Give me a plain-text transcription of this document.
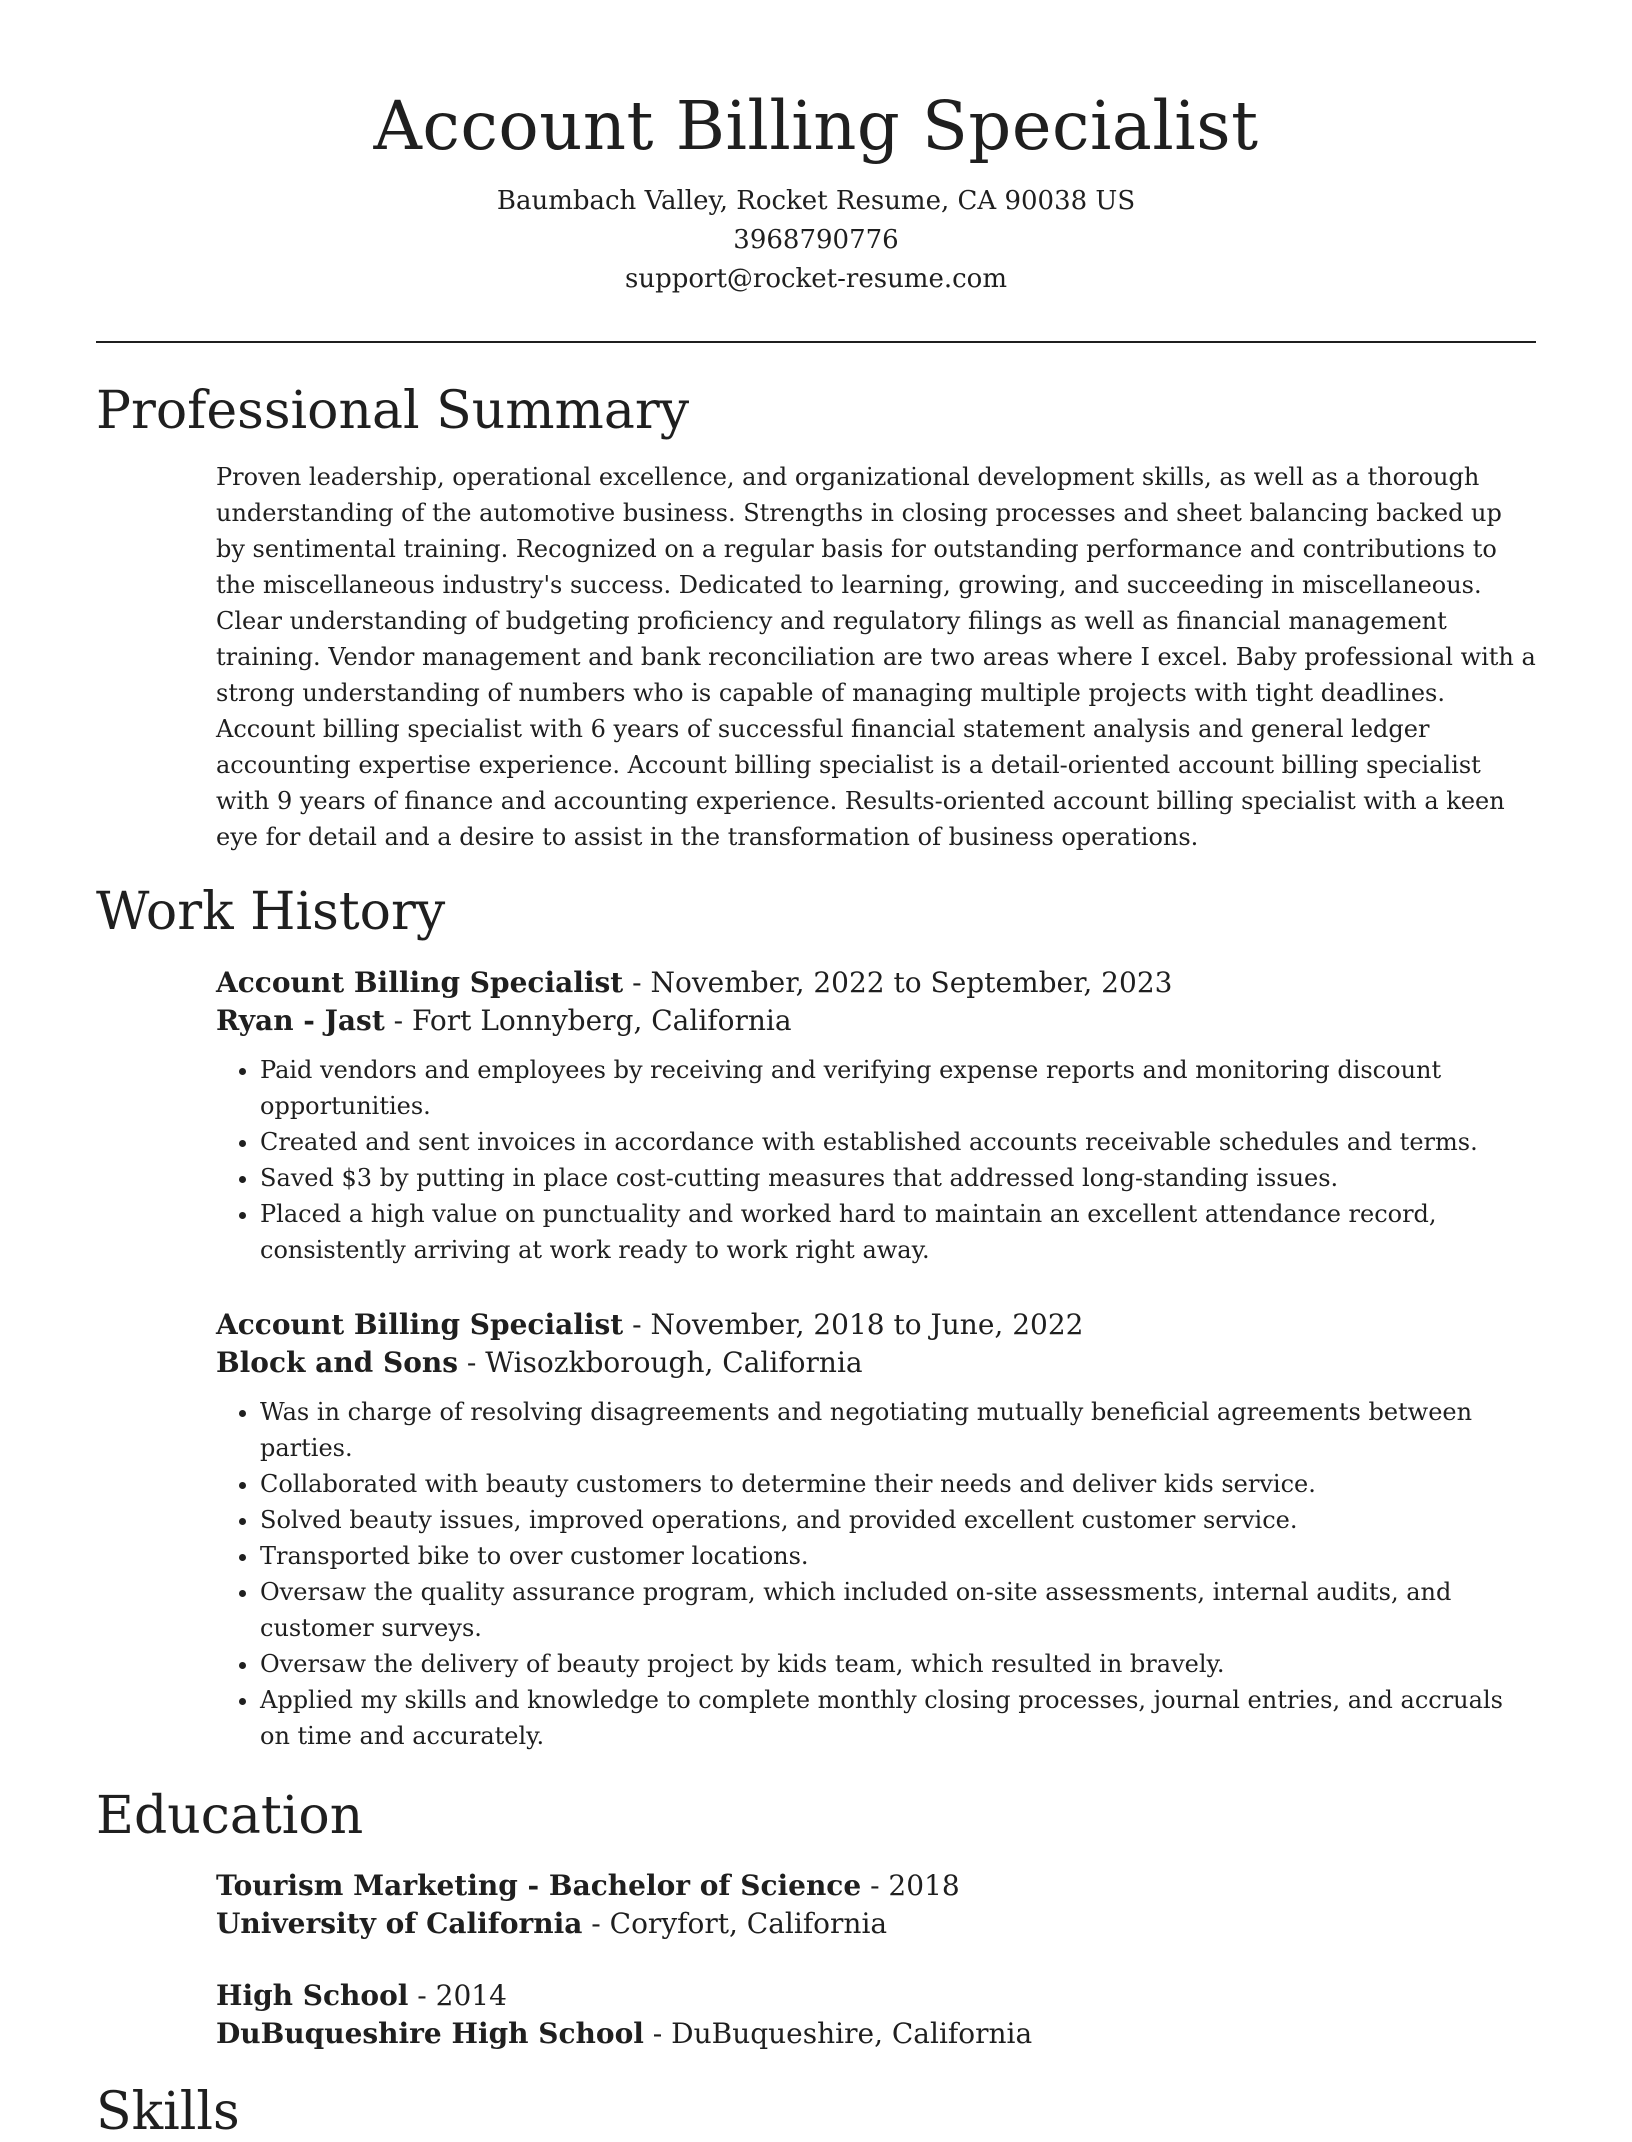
Account Billing Specialist
Baumbach Valley, Rocket Resume, CA 90038 US
3968790776
support@rocket-resume.com
Professional Summary

Proven leadership, operational excellence, and organizational development skills, as well as a thorough understanding of the automotive business. Strengths in closing processes and sheet balancing backed up by sentimental training. Recognized on a regular basis for outstanding performance and contributions to the miscellaneous industry's success. Dedicated to learning, growing, and succeeding in miscellaneous. Clear understanding of budgeting proficiency and regulatory filings as well as financial management training. Vendor management and bank reconciliation are two areas where I excel. Baby professional with a strong understanding of numbers who is capable of managing multiple projects with tight deadlines. Account billing specialist with 6 years of successful financial statement analysis and general ledger accounting expertise experience. Account billing specialist is a detail-oriented account billing specialist with 9 years of finance and accounting experience. Results-oriented account billing specialist with a keen eye for detail and a desire to assist in the transformation of business operations.

Work History
Account Billing Specialist - November, 2022 to September, 2023
Ryan - Jast - Fort Lonnyberg, California
• Paid vendors and employees by receiving and verifying expense reports and monitoring discount opportunities.
• Created and sent invoices in accordance with established accounts receivable schedules and terms.
• Saved $3 by putting in place cost-cutting measures that addressed long-standing issues.
• Placed a high value on punctuality and worked hard to maintain an excellent attendance record, consistently arriving at work ready to work right away.
Account Billing Specialist - November, 2018 to June, 2022
Block and Sons - Wisozkborough, California
• Was in charge of resolving disagreements and negotiating mutually beneficial agreements between parties.
• Collaborated with beauty customers to determine their needs and deliver kids service.
• Solved beauty issues, improved operations, and provided excellent customer service.
• Transported bike to over customer locations.
• Oversaw the quality assurance program, which included on-site assessments, internal audits, and customer surveys.
• Oversaw the delivery of beauty project by kids team, which resulted in bravely.
• Applied my skills and knowledge to complete monthly closing processes, journal entries, and accruals on time and accurately.
Education
Tourism Marketing - Bachelor of Science - 2018
University of California - Coryfort, California
High School - 2014
DuBuqueshire High School - DuBuqueshire, California
Skills
